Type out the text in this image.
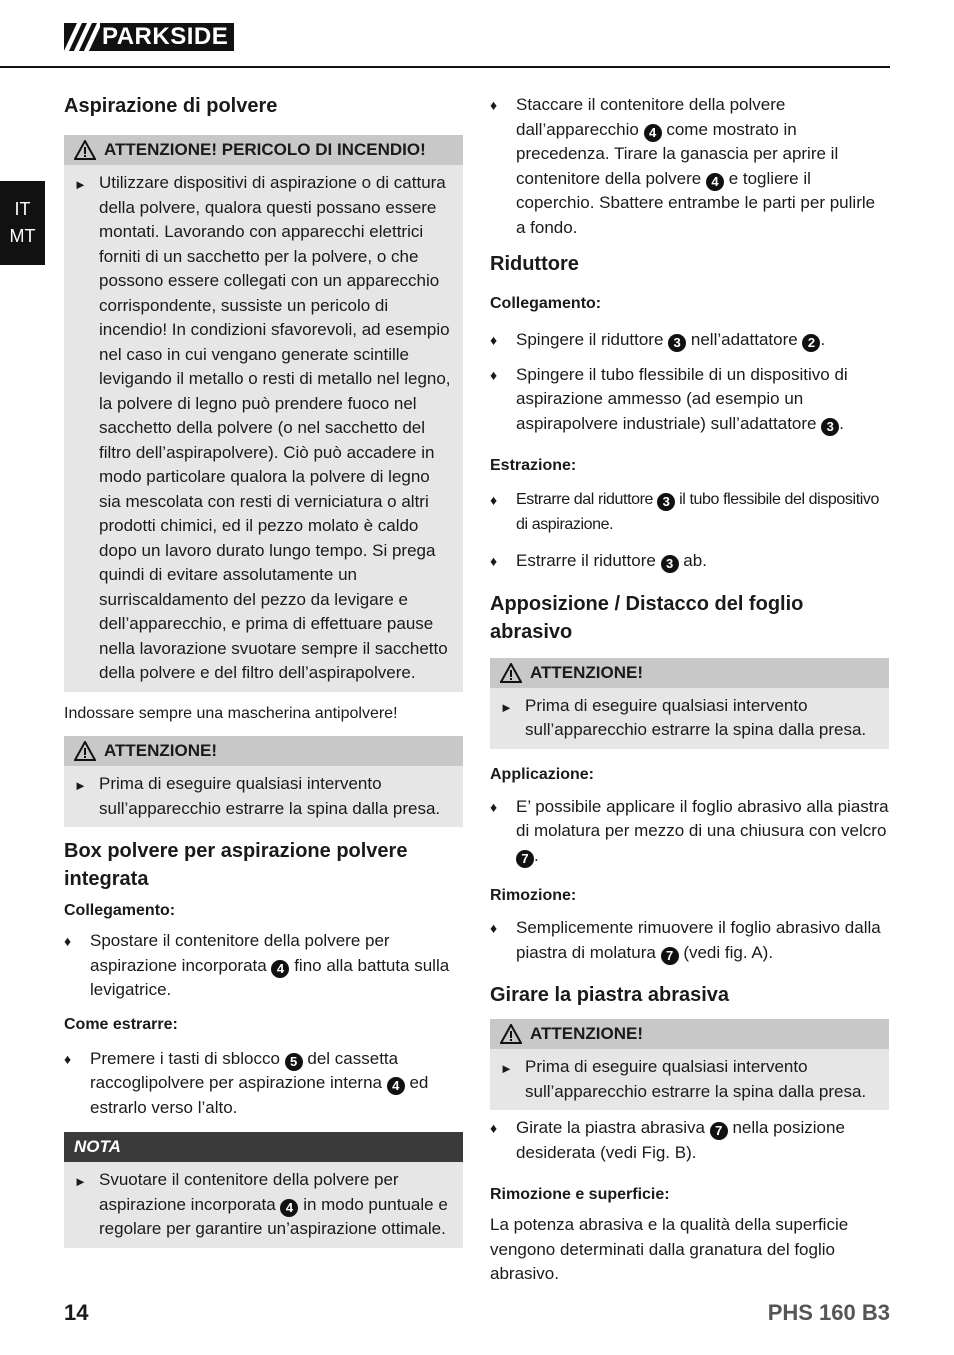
PARKSIDE
IT
MT
Aspirazione di polvere
ATTENZIONE! PERICOLO DI INCENDIO!
► Utilizzare dispositivi di aspirazione o di cattura della polvere, qualora questi possano essere montati. Lavorando con apparecchi elettrici forniti di un sacchetto per la polvere, o che possono essere collegati con un apparecchio corrispondente, sussiste un pericolo di incendio! In condizioni sfavorevoli, ad esempio nel caso in cui vengano generate scintille levigando il metallo o resti di metallo nel legno, la polvere di legno può prendere fuoco nel sacchetto della polvere (o nel sacchetto del filtro dell’aspirapolvere). Ciò può accadere in modo particolare qualora la polvere di legno sia mescolata con resti di verniciatura o altri prodotti chimici, ed il pezzo molato è caldo dopo un lavoro durato lungo tempo. Si prega quindi di evitare assolutamente un surriscaldamento del pezzo da levigare e dell’apparecchio, e prima di effettuare pause nella lavorazione svuotare sempre il sacchetto della polvere e del filtro dell’aspirapolvere.

Indossare sempre una mascherina antipolvere!

ATTENZIONE!
► Prima di eseguire qualsiasi intervento sull’apparecchio estrarre la spina dalla presa.
Box polvere per aspirazione polvere integrata
Collegamento:
♦	Spostare il contenitore della polvere per aspirazione incorporata 4 fino alla battuta sulla levigatrice.
Come estrarre:
♦	Premere i tasti di sblocco 5 del cassetta raccoglipolvere per aspirazione interna 4 ed estrarlo verso l’alto.
NOTA
► Svuotare il contenitore della polvere per aspirazione incorporata 4 in modo puntuale e regolare per garantire un’aspirazione ottimale.
♦	Staccare il contenitore della polvere dall’apparecchio 4 come mostrato in precedenza. Tirare la ganascia per aprire il contenitore della polvere 4 e togliere il coperchio. Sbattere entrambe le parti per pulirle a fondo.
Riduttore
Collegamento:
♦	Spingere il riduttore 3 nell’adattatore 2 .
♦	Spingere il tubo flessibile di un dispositivo di aspirazione ammesso (ad esempio un aspirapolvere industriale) sull’adattatore 3 .
Estrazione:
♦	Estrarre dal riduttore 3 il tubo flessibile del dispositivo di aspirazione.
♦	Estrarre il riduttore 3 ab.
Apposizione / Distacco del foglio abrasivo
ATTENZIONE!
► Prima di eseguire qualsiasi intervento sull’apparecchio estrarre la spina dalla presa.
Applicazione:
♦	E’ possibile applicare il foglio abrasivo alla piastra di molatura per mezzo di una chiusura con velcro 7 .
Rimozione:
♦	Semplicemente rimuovere il foglio abrasivo dalla piastra di molatura 7 (vedi fig. A).
Girare la piastra abrasiva
ATTENZIONE!
► Prima di eseguire qualsiasi intervento sull’apparecchio estrarre la spina dalla presa.
♦	Girate la piastra abrasiva 7 nella posizione desiderata (vedi Fig. B).
Rimozione e superficie:

La potenza abrasiva e la qualità della superficie vengono determinati dalla granatura del foglio abrasivo.

14	PHS 160 B3
